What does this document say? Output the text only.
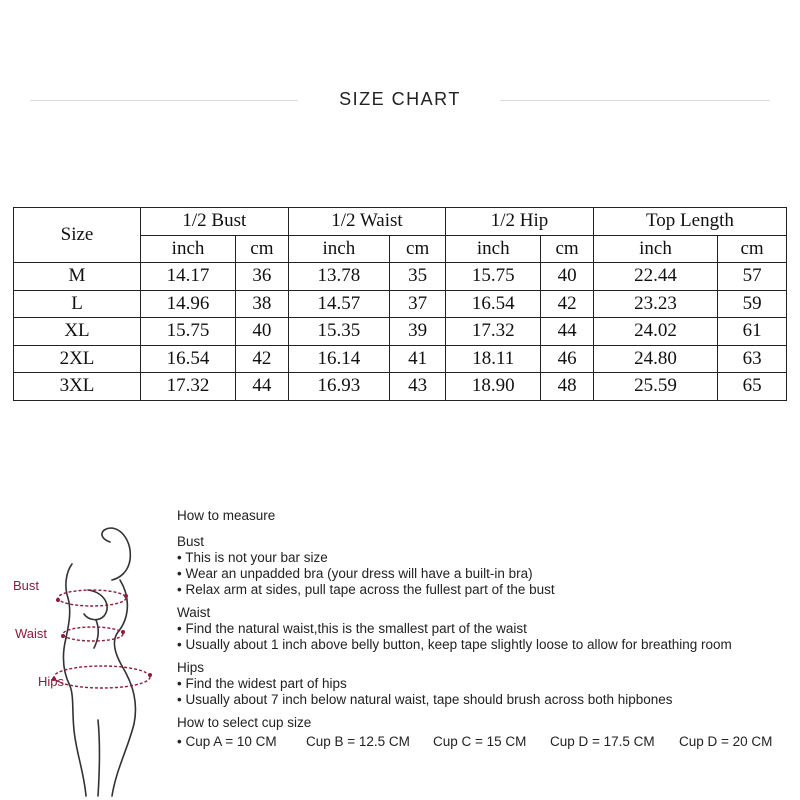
SIZE CHART
Size	1/2 Bust		1/2 Waist		1/2 Hip		Top Length	
	inch	cm	inch	cm	inch	cm	inch	cm
M	14.17	36	13.78	35	15.75	40	22.44	57
L	14.96	38	14.57	37	16.54	42	23.23	59
XL	15.75	40	15.35	39	17.32	44	24.02	61
2XL	16.54	42	16.14	41	18.11	46	24.80	63
3XL	17.32	44	16.93	43	18.90	48	25.59	65
Bust
Waist
Hips
How to measure
Bust
• This is not your bar size
• Wear an unpadded bra (your dress will have a built-in bra)
• Relax arm at sides, pull tape across the fullest part of the bust
Waist
• Find the natural waist,this is the smallest part of the waist
• Usually about 1 inch above belly button, keep tape slightly loose to allow for breathing room
Hips
• Find the widest part of hips
• Usually about 7 inch below natural waist, tape should brush across both hipbones
How to select cup size
• Cup A = 10 CM	Cup B = 12.5 CM	Cup C = 15 CM	Cup D = 17.5 CM	Cup D = 20 CM
